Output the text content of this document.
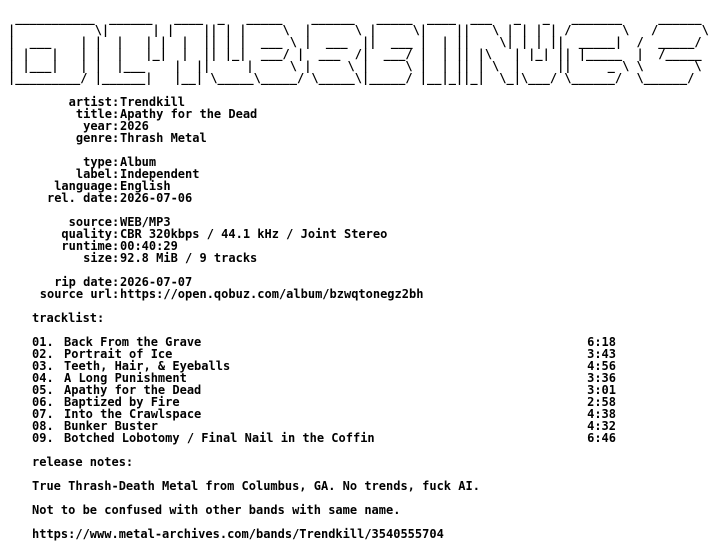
___________  ______   ____  _   _____    ______   _____  ____  ___   _   _   _______     ______
|           \|      | |    || | |     \  |      \ |     \|    ||   \ | | | | /       \   /      \
|  ___    | |  |   | |  |  || | |  ___ \ |  ___  ||  ___ |  | ||    \| | | ||  _____|  /  _____/
| |   |   | |  |   |_|  |  || |_|  ___/ |  ___  /|  ___/ |  | || |\   | |_| || |_____  |  /_____
| |___|   | |  |___    |  ||     |     \ |     \ |     \ |  | || | \  |     ||     _ \ \       \
|_________/ |______|   |__| \_____\_____/ \_____\|_____/ |__|_||_|  \_|\___/ \______/  \______/
artist : Trendkill
title : Apathy for the Dead
year : 2026
genre : Thrash Metal
type : Album
label : Independent
language : English
rel. date : 2026-07-06
source : WEB/MP3
quality : CBR 320kbps / 44.1 kHz / Joint Stereo
runtime : 00:40:29
size : 92.8 MiB / 9 tracks
rip date : 2026-07-07
source url : https://open.qobuz.com/album/bzwqtonegz2bh
tracklist:
01. Back From the Grave	6:18
02. Portrait of Ice	3:43
03. Teeth, Hair, & Eyeballs	4:56
04. A Long Punishment	3:36
05. Apathy for the Dead	3:01
06. Baptized by Fire	2:58
07. Into the Crawlspace	4:38
08. Bunker Buster	4:32
09. Botched Lobotomy / Final Nail in the Coffin	6:46
release notes:
True Thrash-Death Metal from Columbus, GA. No trends, fuck AI.
Not to be confused with other bands with same name.
https://www.metal-archives.com/bands/Trendkill/3540555704
